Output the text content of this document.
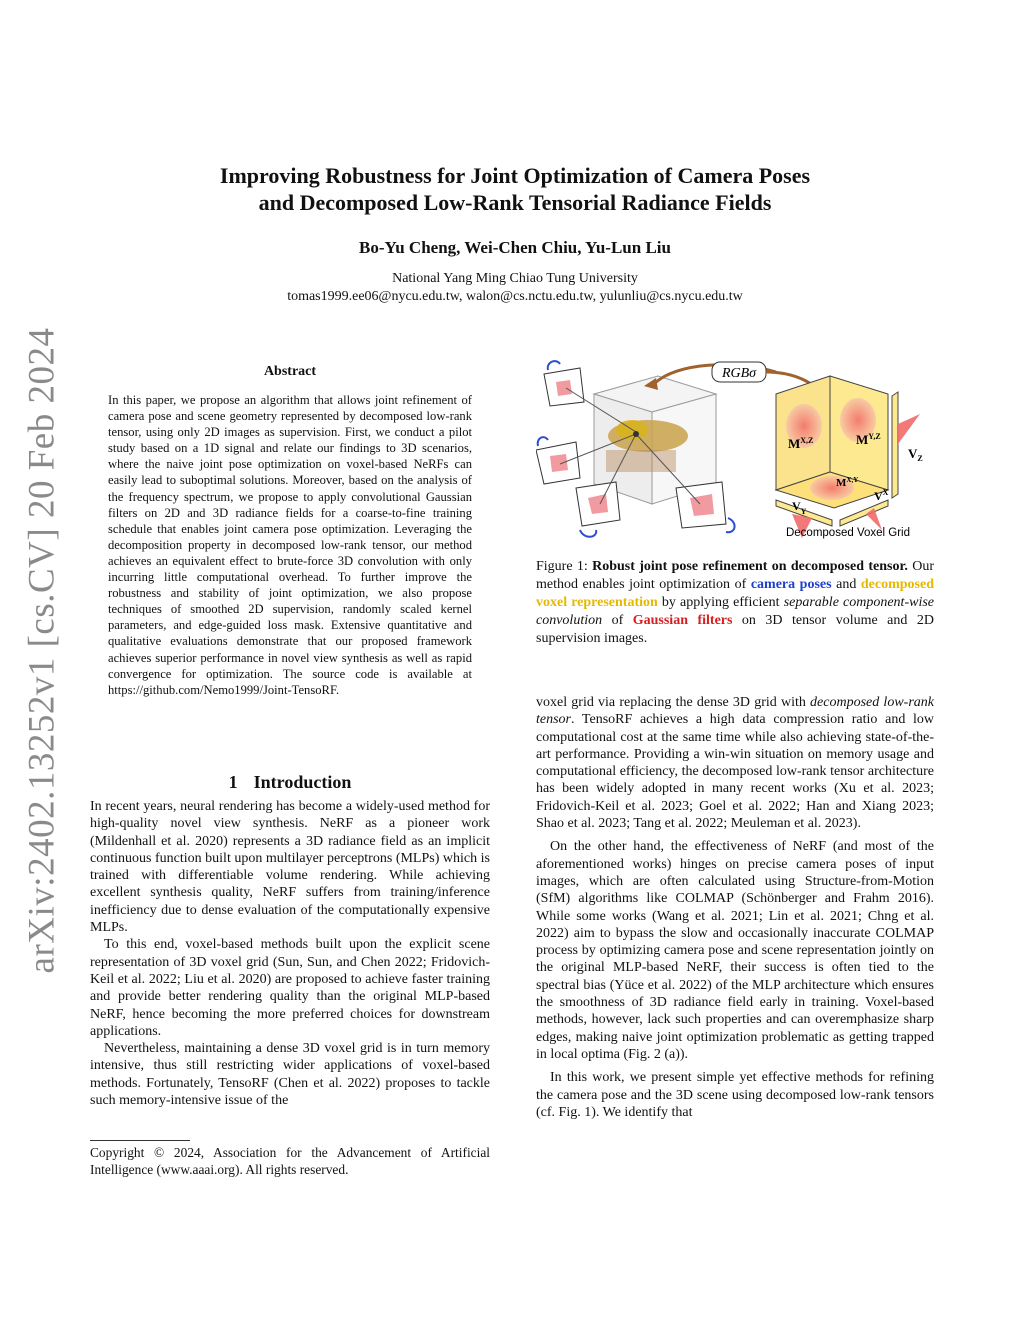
arXiv:2402.13252v1 [cs.CV] 20 Feb 2024
Improving Robustness for Joint Optimization of Camera Poses
and Decomposed Low-Rank Tensorial Radiance Fields
Bo-Yu Cheng, Wei-Chen Chiu, Yu-Lun Liu
National Yang Ming Chiao Tung University
tomas1999.ee06@nycu.edu.tw, walon@cs.nctu.edu.tw, yulunliu@cs.nycu.edu.tw
Abstract
In this paper, we propose an algorithm that allows joint refinement of camera pose and scene geometry represented by decomposed low-rank tensor, using only 2D images as supervision. First, we conduct a pilot study based on a 1D signal and relate our findings to 3D scenarios, where the naive joint pose optimization on voxel-based NeRFs can easily lead to suboptimal solutions. Moreover, based on the analysis of the frequency spectrum, we propose to apply convolutional Gaussian filters on 2D and 3D radiance fields for a coarse-to-fine training schedule that enables joint camera pose optimization. Leveraging the decomposition property in decomposed low-rank tensor, our method achieves an equivalent effect to brute-force 3D convolution with only incurring little computational overhead. To further improve the robustness and stability of joint optimization, we also propose techniques of smoothed 2D supervision, randomly scaled kernel parameters, and edge-guided loss mask. Extensive quantitative and qualitative evaluations demonstrate that our proposed framework achieves superior performance in novel view synthesis as well as rapid convergence for optimization. The source code is available at https://github.com/Nemo1999/Joint-TensoRF.
1 Introduction

In recent years, neural rendering has become a widely-used method for high-quality novel view synthesis. NeRF as a pioneer work (Mildenhall et al. 2020) represents a 3D radiance field as an implicit continuous function built upon multilayer perceptrons (MLPs) which is trained with differentiable volume rendering. While achieving excellent synthesis quality, NeRF suffers from training/inference inefficiency due to dense evaluation of the computationally expensive MLPs.

To this end, voxel-based methods built upon the explicit scene representation of 3D voxel grid (Sun, Sun, and Chen 2022; Fridovich-Keil et al. 2022; Liu et al. 2020) are proposed to achieve faster training and provide better rendering quality than the original MLP-based NeRF, hence becoming the more preferred choices for downstream applications.

Nevertheless, maintaining a dense 3D voxel grid is in turn memory intensive, thus still restricting wider applications of voxel-based methods. Fortunately, TensoRF (Chen et al. 2022) proposes to tackle such memory-intensive issue of the

Copyright © 2024, Association for the Advancement of Artificial Intelligence (www.aaai.org). All rights reserved.
RGBσ
$M^{X,Z}$	$M^{Y,Z}$
$M^{X,Y}$
$V_Y$
$V^X$
$V_Z$
Decomposed Voxel Grid
Figure 1: Robust joint pose refinement on decomposed tensor. Our method enables joint optimization of camera poses and decomposed voxel representation by applying efficient separable component-wise convolution of Gaussian filters on 3D tensor volume and 2D supervision images.

voxel grid via replacing the dense 3D grid with decomposed low-rank tensor. TensoRF achieves a high data compression ratio and low computational cost at the same time while also achieving state-of-the-art performance. Providing a win-win situation on memory usage and computational efficiency, the decomposed low-rank tensor architecture has been widely adopted in many recent works (Xu et al. 2023; Fridovich-Keil et al. 2023; Goel et al. 2022; Han and Xiang 2023; Shao et al. 2023; Tang et al. 2022; Meuleman et al. 2023).

On the other hand, the effectiveness of NeRF (and most of the aforementioned works) hinges on precise camera poses of input images, which are often calculated using Structure-from-Motion (SfM) algorithms like COLMAP (Schönberger and Frahm 2016). While some works (Wang et al. 2021; Lin et al. 2021; Chng et al. 2022) aim to bypass the slow and occasionally inaccurate COLMAP process by optimizing camera pose and scene representation jointly on the original MLP-based NeRF, their success is often tied to the spectral bias (Yüce et al. 2022) of the MLP architecture which ensures the smoothness of 3D radiance field early in training. Voxel-based methods, however, lack such properties and can overemphasize sharp edges, making naive joint optimization problematic as getting trapped in local optima (Fig. 2 (a)).

In this work, we present simple yet effective methods for refining the camera pose and the 3D scene using decomposed low-rank tensors (cf. Fig. 1). We identify that
